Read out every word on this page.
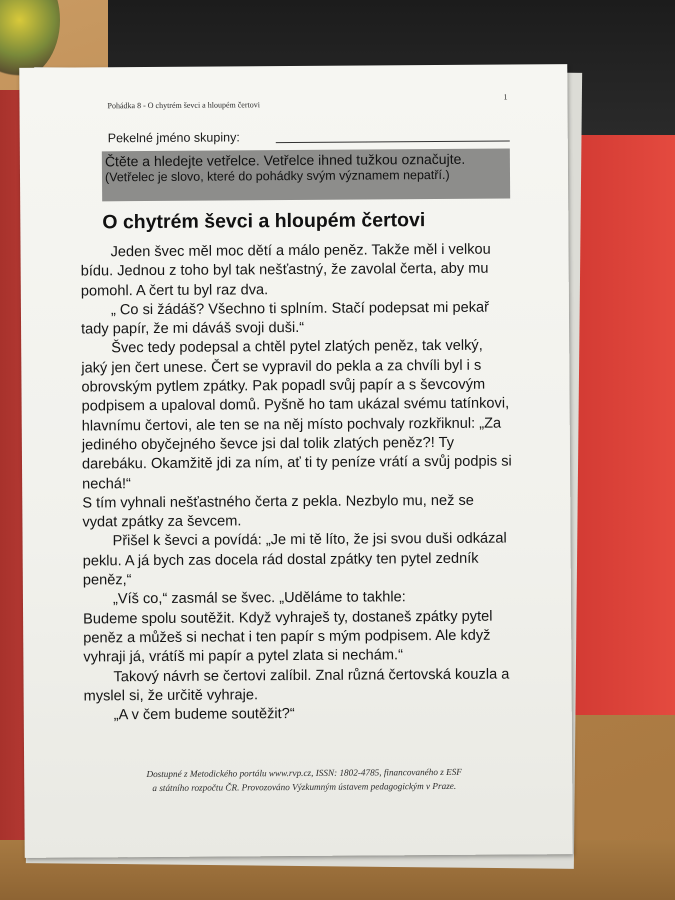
Pohádka 8 - O chytrém ševci a hloupém čertovi
1
Pekelné jméno skupiny:
Čtěte a hledejte vetřelce. Vetřelce ihned tužkou označujte.
(Vetřelec je slovo, které do pohádky svým významem nepatří.)
O chytrém ševci a hloupém čertovi

Jeden švec měl moc dětí a málo peněz. Takže měl i velkou bídu. Jednou z toho byl tak nešťastný, že zavolal čerta, aby mu pomohl. A čert tu byl raz dva.

„ Co si žádáš? Všechno ti splním. Stačí podepsat mi pekař tady papír, že mi dáváš svoji duši.“

Švec tedy podepsal a chtěl pytel zlatých peněz, tak velký, jaký jen čert unese. Čert se vypravil do pekla a za chvíli byl i s obrovským pytlem zpátky. Pak popadl svůj papír a s ševcovým podpisem a upaloval domů. Pyšně ho tam ukázal svému tatínkovi, hlavnímu čertovi, ale ten se na něj místo pochvaly rozkřiknul: „Za jediného obyčejného ševce jsi dal tolik zlatých peněz?! Ty darebáku. Okamžitě jdi za ním, ať ti ty peníze vrátí a svůj podpis si nechá!“

S tím vyhnali nešťastného čerta z pekla. Nezbylo mu, než se vydat zpátky za ševcem.

Přišel k ševci a povídá: „Je mi tě líto, že jsi svou duši odkázal peklu. A já bych zas docela rád dostal zpátky ten pytel zedník peněz,“

„Víš co,“ zasmál se švec. „Uděláme to takhle:

Budeme spolu soutěžit. Když vyhraješ ty, dostaneš zpátky pytel peněz a můžeš si nechat i ten papír s mým podpisem. Ale když vyhraji já, vrátíš mi papír a pytel zlata si nechám.“

Takový návrh se čertovi zalíbil. Znal různá čertovská kouzla a myslel si, že určitě vyhraje.

„A v čem budeme soutěžit?“

Dostupné z Metodického portálu www.rvp.cz, ISSN: 1802-4785, financovaného z ESF
a státního rozpočtu ČR. Provozováno Výzkumným ústavem pedagogickým v Praze.
